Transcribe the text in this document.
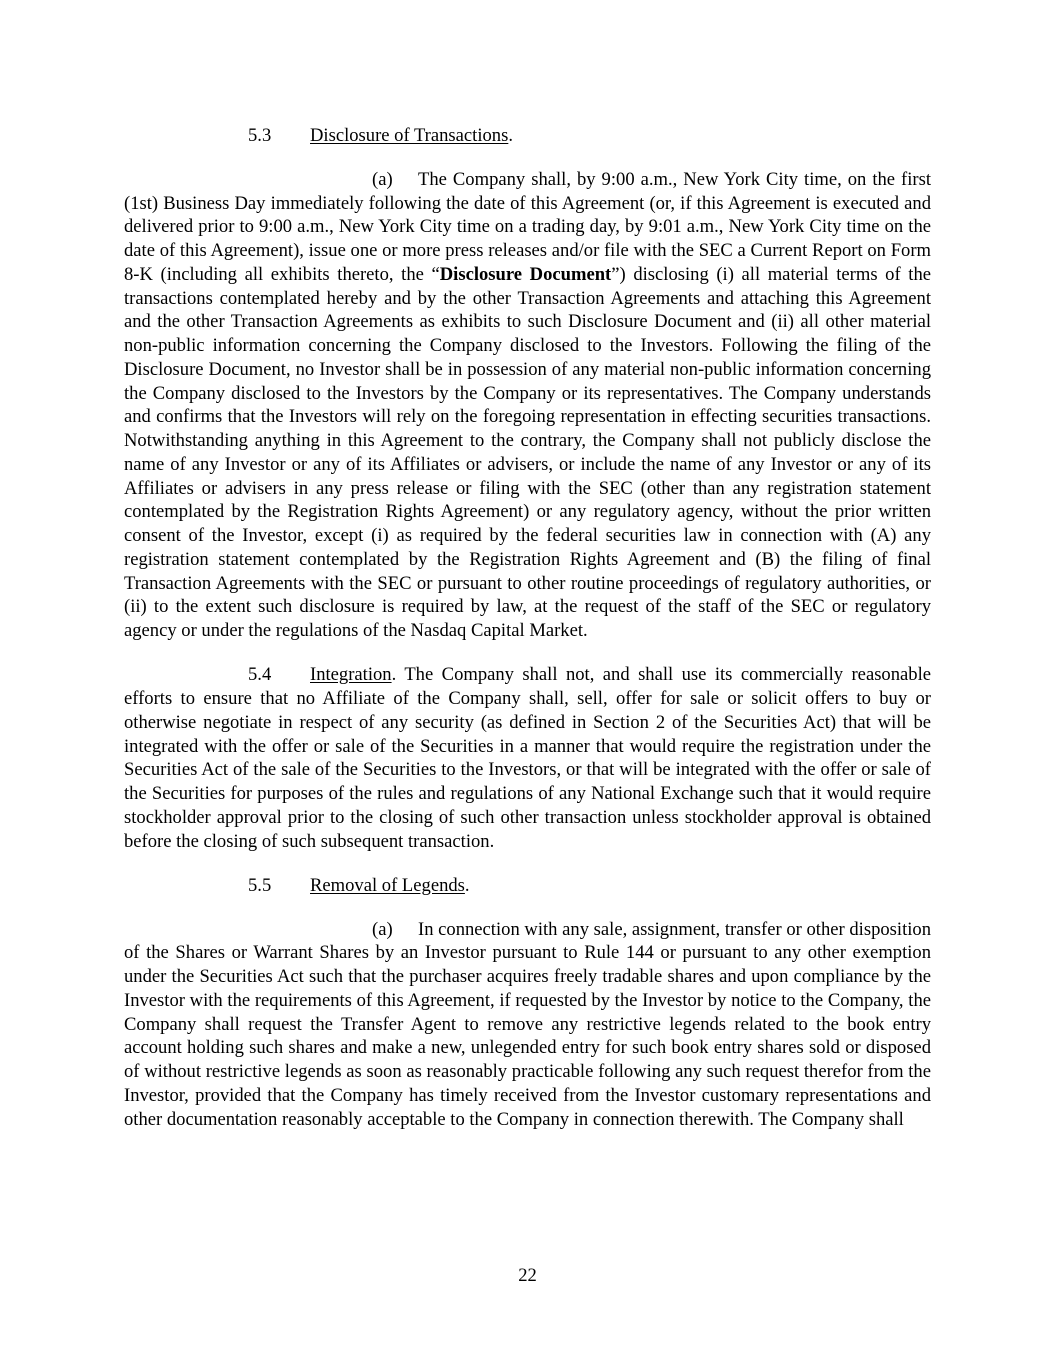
5.3 Disclosure of Transactions.

(a) The Company shall, by 9:00 a.m., New York City time, on the first (1st) Business Day immediately following the date of this Agreement (or, if this Agreement is executed and delivered prior to 9:00 a.m., New York City time on a trading day, by 9:01 a.m., New York City time on the date of this Agreement), issue one or more press releases and/or file with the SEC a Current Report on Form 8-K (including all exhibits thereto, the “Disclosure Document”) disclosing (i) all material terms of the transactions contemplated hereby and by the other Transaction Agreements and attaching this Agreement and the other Transaction Agreements as exhibits to such Disclosure Document and (ii) all other material non-public information concerning the Company disclosed to the Investors. Following the filing of the Disclosure Document, no Investor shall be in possession of any material non-public information concerning the Company disclosed to the Investors by the Company or its representatives. The Company understands and confirms that the Investors will rely on the foregoing representation in effecting securities transactions. Notwithstanding anything in this Agreement to the contrary, the Company shall not publicly disclose the name of any Investor or any of its Affiliates or advisers, or include the name of any Investor or any of its Affiliates or advisers in any press release or filing with the SEC (other than any registration statement contemplated by the Registration Rights Agreement) or any regulatory agency, without the prior written consent of the Investor, except (i) as required by the federal securities law in connection with (A) any registration statement contemplated by the Registration Rights Agreement and (B) the filing of final Transaction Agreements with the SEC or pursuant to other routine proceedings of regulatory authorities, or (ii) to the extent such disclosure is required by law, at the request of the staff of the SEC or regulatory agency or under the regulations of the Nasdaq Capital Market.

5.4 Integration. The Company shall not, and shall use its commercially reasonable efforts to ensure that no Affiliate of the Company shall, sell, offer for sale or solicit offers to buy or otherwise negotiate in respect of any security (as defined in Section 2 of the Securities Act) that will be integrated with the offer or sale of the Securities in a manner that would require the registration under the Securities Act of the sale of the Securities to the Investors, or that will be integrated with the offer or sale of the Securities for purposes of the rules and regulations of any National Exchange such that it would require stockholder approval prior to the closing of such other transaction unless stockholder approval is obtained before the closing of such subsequent transaction.

5.5 Removal of Legends.

(a) In connection with any sale, assignment, transfer or other disposition of the Shares or Warrant Shares by an Investor pursuant to Rule 144 or pursuant to any other exemption under the Securities Act such that the purchaser acquires freely tradable shares and upon compliance by the Investor with the requirements of this Agreement, if requested by the Investor by notice to the Company, the Company shall request the Transfer Agent to remove any restrictive legends related to the book entry account holding such shares and make a new, unlegended entry for such book entry shares sold or disposed of without restrictive legends as soon as reasonably practicable following any such request therefor from the Investor, provided that the Company has timely received from the Investor customary representations and other documentation reasonably acceptable to the Company in connection therewith. The Company shall

22
